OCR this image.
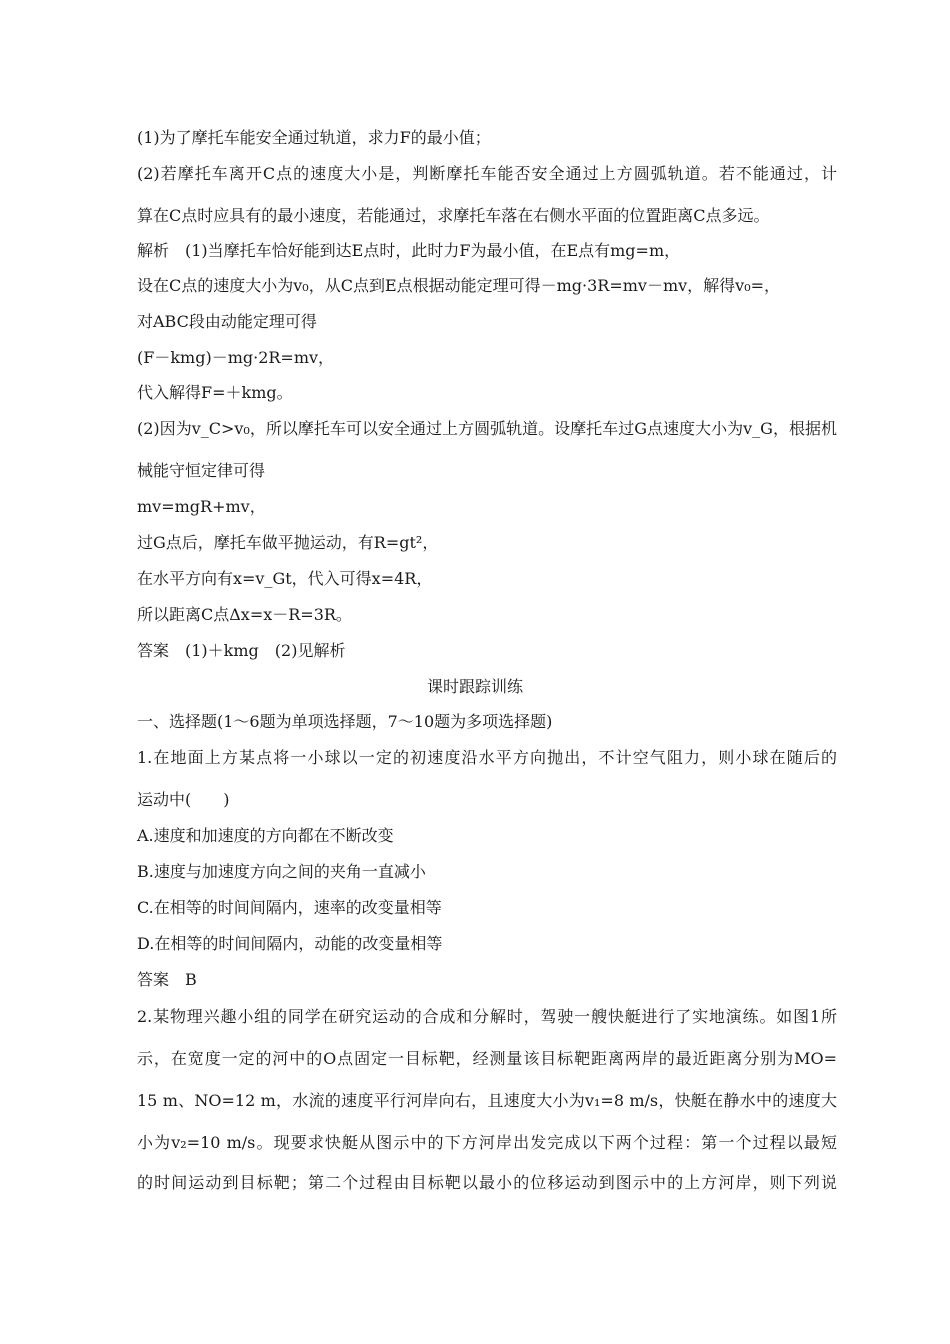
(1)为了摩托车能安全通过轨道，求力F的最小值；
(2)若摩托车离开C点的速度大小是，判断摩托车能否安全通过上方圆弧轨道。若不能通过，计
算在C点时应具有的最小速度，若能通过，求摩托车落在右侧水平面的位置距离C点多远。
解析　(1)当摩托车恰好能到达E点时，此时力F为最小值，在E点有mg=m，
设在C点的速度大小为v₀，从C点到E点根据动能定理可得－mg·3R=mv－mv，解得v₀=，
对ABC段由动能定理可得
(F－kmg)－mg·2R=mv，
代入解得F=＋kmg。
(2)因为v_C>v₀，所以摩托车可以安全通过上方圆弧轨道。设摩托车过G点速度大小为v_G，根据机
械能守恒定律可得
mv=mgR+mv，
过G点后，摩托车做平抛运动，有R=gt²，
在水平方向有x=v_Gt，代入可得x=4R，
所以距离C点Δx=x－R=3R。
答案　(1)＋kmg　(2)见解析
课时跟踪训练
一、选择题(1～6题为单项选择题，7～10题为多项选择题)
1.在地面上方某点将一小球以一定的初速度沿水平方向抛出，不计空气阻力，则小球在随后的
运动中(　　)
A.速度和加速度的方向都在不断改变
B.速度与加速度方向之间的夹角一直减小
C.在相等的时间间隔内，速率的改变量相等
D.在相等的时间间隔内，动能的改变量相等
答案　B
2.某物理兴趣小组的同学在研究运动的合成和分解时，驾驶一艘快艇进行了实地演练。如图1所
示，在宽度一定的河中的O点固定一目标靶，经测量该目标靶距离两岸的最近距离分别为MO=
15 m、NO=12 m，水流的速度平行河岸向右，且速度大小为v₁=8 m/s，快艇在静水中的速度大
小为v₂=10 m/s。现要求快艇从图示中的下方河岸出发完成以下两个过程：第一个过程以最短
的时间运动到目标靶；第二个过程由目标靶以最小的位移运动到图示中的上方河岸，则下列说
